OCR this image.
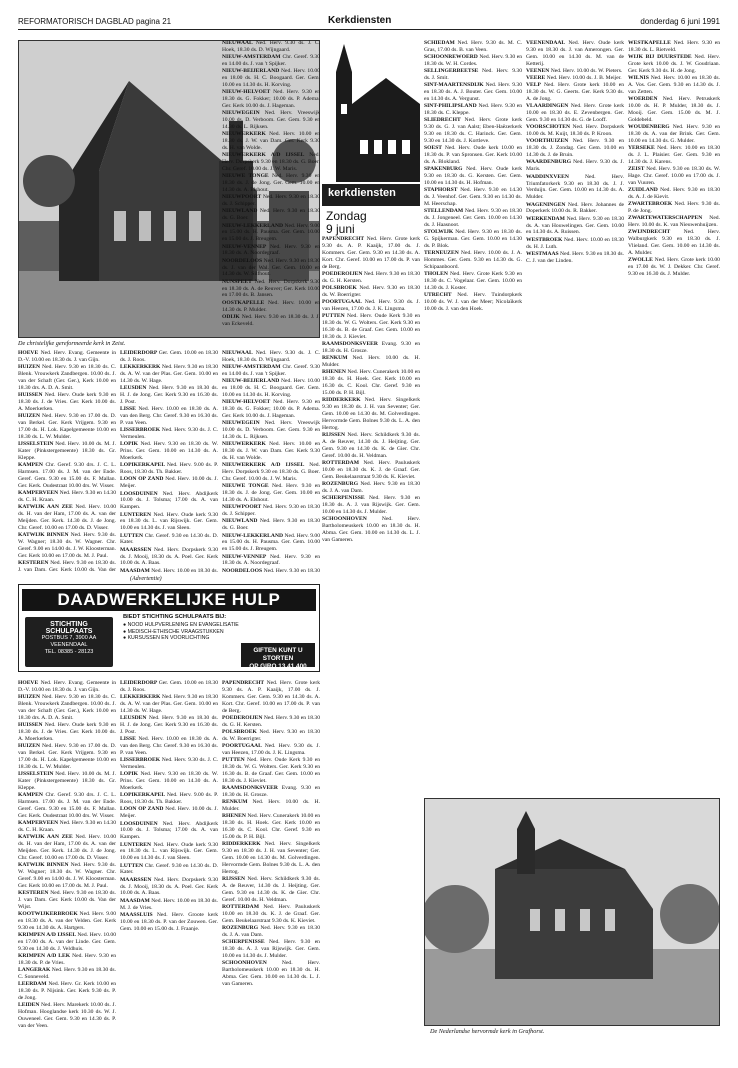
REFORMATORISCH DAGBLAD pagina 21	Kerkdiensten	donderdag 6 juni 1991
De christelijke gereformeerde kerk in Zeist.

HOEVE Ned. Herv. Evang. Gemeente in D.-V. 10.00 en 18.30 ds. J. van Gijn.

HUIZEN Ned. Herv. 9.30 en 18.30 ds. C. Blenk. Vrouwkerk Zandbergen. 10.00 ds. J. van der Schaft (Ger. Ger.), Kerk 10.00 en 18.30 drs. A. D. A. Smit.

HUISSEN Ned. Herv. Oude kerk 9.30 en 18.30 ds. J. de Vries. Ger. Kerk 10.00 ds. A. Moerkerken.

HUIZEN Ned. Herv. 9.30 en 17.00 ds. D. van Berkel. Ger. Kerk Vrijgem. 9.30 en 17.00 ds. H. Lok. Kapelgemeente 10.00 en 18.30 ds. L. W. Mulder.

IJSSELSTEIN Ned. Herv. 10.00 ds. M. J. Kater (Pinkstergemeente) 18.30 ds. Gr. Kleppe.

KAMPEN Chr. Geref. 9.30 drs. J. C. L. Harmsen. 17.00 ds. J. M. van der Ende. Geref. Gem. 9.30 en 15.00 ds. F. Mallan. Ger. Kerk. Oudestraat 10.00 drs. W. Visser.

KAMPERVEEN Ned. Herv. 9.30 en 14.30 ds. C. H. Kraan.

KATWIJK AAN ZEE Ned. Herv. 10.00 ds. H. van der Ham, 17.00 ds. A. van der Meijden. Ger. Kerk. 14.30 ds. J. de Jong. Chr. Geref. 10.00 en 17.00 ds. D. Visser.

KATWIJK BINNEN Ned. Herv. 9.30 ds. W. Wagner; 18.30 ds. W. Wagner. Chr. Geref. 9.00 en 14.00 ds. J. W. Kloosterman. Ger. Kerk 10.00 en 17.00 ds. M. J. Paul.

KESTEREN Ned. Herv. 9.30 en 18.30 ds. J. van Dam. Ger. Kerk 10.00 ds. Van der

LEIDERDORP Ger. Gem. 10.00 en 18.30 ds. J. Roos.

LEKKERKERK Ned. Herv. 9.30 en 18.30 ds. A. W. van der Plas. Ger. Gem. 10.00 en 14.30 ds. W. Hage.

LEUSDEN Ned. Herv. 9.30 en 18.30 ds. H. J. de Jong. Ger. Kerk 9.30 en 16.30 ds. J. Post.

LISSE Ned. Herv. 10.00 en 18.30 ds. A. van den Berg. Chr. Geref. 9.30 en 16.30 ds. P. van Veen.

LISSERBROEK Ned. Herv. 9.30 ds. J. C. Vermeulen.

LOPIK Ned. Herv. 9.30 en 18.30 ds. W. Prins. Ger. Gem. 10.00 en 14.30 ds. A. Moerkerk.

LOPIKERKAPEL Ned. Herv. 9.00 ds. P. Roos, 18.30 ds. Th. Bakker.

LOON OP ZAND Ned. Herv. 10.00 ds. J. Meijer.

LOOSDUINEN Ned. Herv. Abdijkerk 10.00 ds. J. Tolsma; 17.00 ds. A. van Kampen.

LUNTEREN Ned. Herv. Oude kerk 9.30 en 18.30 ds. L. van Rijswijk. Ger. Gem. 10.00 en 14.30 ds. J. van Sleen.

LUTTEN Chr. Geref. 9.30 en 14.30 ds. D. Kater.

MAARSSEN Ned. Herv. Dorpskerk 9.30 ds. J. Mooij, 18.30 ds. A. Poel. Ger. Kerk 10.00 ds. A. Baas.

MAASDAM Ned. Herv. 10.00 en 18.30 ds.

NIEUWAAL Ned. Herv. 9.30 ds. J. C. Hoek, 18.30 ds. D. Wijngaard.

NIEUW-AMSTERDAM Chr. Geref. 9.30 en 14.00 ds. J. van 't Spijker.

NIEUW-BEIJERLAND Ned. Herv. 10.00 en 18.00 ds. H. C. Boogaard. Ger. Gem. 10.00 en 14.30 ds. H. Korving.

NIEUW-HELVOET Ned. Herv. 9.30 en 18.30 ds. G. Fokker; 10.00 ds. P. Adema. Ger. Kerk 10.00 ds. J. Hageman.

NIEUWEGEIN Ned. Herv. Vreeswijk 10.00 ds. D. Verboom. Ger. Gem. 9.30 en 14.30 ds. L. Rijksen.

NIEUWERKERK Ned. Herv. 10.00 en 18.30 ds. J. W. van Dam. Ger. Kerk 9.30 ds. H. van Wolde.

NIEUWERKERK A/D IJSSEL Ned. Herv. Dorpskerk 9.30 en 18.30 ds. G. Boer. Chr. Geref. 10.00 ds. J. W. Maris.

NIEUWE TONGE Ned. Herv. 9.30 en 18.30 ds. J. de Jong. Ger. Gem. 10.00 en 14.30 ds. A. Elshout.

NIEUWPOORT Ned. Herv. 9.30 en 18.30 ds. J. Schipper.

NIEUWLAND Ned. Herv. 9.30 en 18.30 ds. G. Boer.

NIEUW-LEKKERLAND Ned. Herv. 9.00 en 15.00 ds. H. Pausma. Ger. Gem. 10.00 en 15.00 ds. J. Breugem.

NIEUW-VENNEP Ned. Herv. 9.30 en 18.30 ds. A. Noordegraaf.

NOORDELOOS Ned. Herv. 9.30 en 18.30

kerkdiensten
Zondag
9 juni

NIEUWAAL Ned. Herv. 9.30 ds. J. C. Hoek, 18.30 ds. D. Wijngaard.

NIEUW-AMSTERDAM Chr. Geref. 9.30 en 14.00 ds. J. van 't Spijker.

NIEUW-BEIJERLAND Ned. Herv. 10.00 en 18.00 ds. H. C. Boogaard. Ger. Gem. 10.00 en 14.30 ds. H. Korving.

NIEUW-HELVOET Ned. Herv. 9.30 en 18.30 ds. G. Fokker; 10.00 ds. P. Adema. Ger. Kerk 10.00 ds. J. Hageman.

NIEUWEGEIN Ned. Herv. Vreeswijk 10.00 ds. D. Verboom. Ger. Gem. 9.30 en 14.30 ds. L. Rijksen.

NIEUWERKERK Ned. Herv. 10.00 en 18.30 ds. J. W. van Dam. Ger. Kerk 9.30 ds. H. van Wolde.

NIEUWERKERK A/D IJSSEL Ned. Herv. Dorpskerk 9.30 en 18.30 ds. G. Boer. Chr. Geref. 10.00 ds. J. W. Maris.

NIEUWE TONGE Ned. Herv. 9.30 en 18.30 ds. J. de Jong. Ger. Gem. 10.00 en 14.30 ds. A. Elshout.

NIEUWPOORT Ned. Herv. 9.30 en 18.30 ds. J. Schipper.

NIEUWLAND Ned. Herv. 9.30 en 18.30 ds. G. Boer.

NIEUW-LEKKERLAND Ned. Herv. 9.00 en 15.00 ds. H. Pausma. Ger. Gem. 10.00 en 15.00 ds. J. Breugem.

NIEUW-VENNEP Ned. Herv. 9.30 en 18.30 ds. A. Noordegraaf.

NOORDELOOS Ned. Herv. 9.30 en 18.30 ds. J. van der Wal. Ger. Gem. 10.00 en 14.30 ds. W. Silfhout.

NUNSPEET Ned. Herv. Dorpskerk 9.30 en 18.30 ds. A. de Reuver; Ger. Kerk 10.00 en 17.00 ds. B. Jansen.

OOSTKAPELLE Ned. Herv. 10.00 en 14.30 ds. P. Mulder.

ODIJK Ned. Herv. 9.30 en 18.30 ds. J. J. van Eckeveld.

PAPENDRECHT Ned. Herv. Grote kerk 9.30 ds. A. P. Kaaijk, 17.00 ds. J. Kommers. Ger. Gem. 9.30 en 14.30 ds. A. Kort. Chr. Geref. 10.00 en 17.00 ds. P. van de Berg.

POEDEROIJEN Ned. Herv. 9.30 en 18.30 ds. G. H. Kersten.

POLSBROEK Ned. Herv. 9.30 en 18.30 ds. W. Boerrigter.

POORTUGAAL Ned. Herv. 9.30 ds. J. van Heezen, 17.00 ds. J. K. Lingsma.

PUTTEN Ned. Herv. Oude Kerk 9.30 en 18.30 ds. W. G. Wolters. Ger. Kerk 9.30 en 16.30 ds. B. de Graaf. Ger. Gem. 10.00 en 18.30 ds. J. Kieviet.

RAAMSDONKSVEER Evang. 9.30 en 18.30 ds. H. Grosze.

RENKUM Ned. Herv. 10.00 ds. H. Mulder.

RHENEN Ned. Herv. Cunerakerk 10.00 en 18.30 ds. H. Hoek. Ger. Kerk 10.00 en 16.30 ds. C. Kool. Chr. Geref. 9.30 en 15.00 ds. P. H. Bijl.

RIDDERKERK Ned. Herv. Singelkerk 9.30 en 18.30 ds. J. H. van Seventer; Ger. Gem. 10.00 en 14.30 ds. M. Golverdingen. Hervormde Gem. Bolnes 9.30 ds. L. A. den Hertog.

RIJSSEN Ned. Herv. Schildkerk 9.30 ds. A. de Reuver, 14.30 ds. J. Heijting. Ger. Gem. 9.30 en 14.30 ds. K. de Gier. Chr. Geref. 10.00 ds. H. Veldman.

ROTTERDAM Ned. Herv. Pauluskerk 10.00 en 18.30 ds. K. J. de Graaf. Ger. Gem. Beukelaarstraat 9.30 ds. K. Kieviet.

ROZENBURG Ned. Herv. 9.30 en 18.30 ds. J. A. van Dam.

SCHERPENISSE Ned. Herv. 9.30 en 18.30 ds. A. J. van Rijswijk. Ger. Gem. 10.00 en 14.30 ds. J. Mulder.

SCHOONHOVEN Ned. Herv. Bartholomeuskerk 10.00 en 18.30 ds. H. Abma. Ger. Gem. 10.00 en 14.30 ds. L. J. van Gameren.

SCHIEDAM Ned. Herv. 9.30 ds. M. C. Gras, 17.00 ds. B. van Veen.

SCHOONREWOERD Ned. Herv. 9.30 en 18.30 ds. W. H. Cordes.

SELLINGERBEETSE Ned. Herv. 9.30 ds. J. Smit.

SINT-MAARTENSDIJK Ned. Herv. 9.30 en 18.30 ds. A. J. Bouter. Ger. Gem. 10.00 en 14.30 ds. A. Vergunst.

SINT-PHILIPSLAND Ned. Herv. 9.30 en 18.30 ds. C. Kleppe.

SLIEDRECHT Ned. Herv. Grote kerk 9.30 ds. G. J. van Aalst; Eben-Haëzerkerk 9.30 en 18.30 ds. C. Harinck. Ger. Gem. 9.30 en 14.30 ds. J. Kortleve.

SOEST Ned. Herv. Oude kerk 10.00 en 18.30 ds. P. van Spronsen. Ger. Kerk 10.00 ds. A. Blokland.

SPAKENBURG Ned. Herv. Oude kerk 9.30 en 18.30 ds. G. Kersten. Ger. Gem. 10.00 en 14.30 ds. H. Hofman.

STAPHORST Ned. Herv. 9.30 en 14.30 ds. J. Veenhof. Ger. Gem. 9.30 en 14.30 ds. M. Heerschap.

STELLENDAM Ned. Herv. 9.30 en 18.30 ds. J. Jongeneel. Ger. Gem. 10.00 en 14.30 ds. J. Haasnoot.

STOLWIJK Ned. Herv. 9.30 en 18.30 ds. G. Spijkerman. Ger. Gem. 10.00 en 14.30 ds. P. Blok.

TERNEUZEN Ned. Herv. 10.00 ds. J. A. Hommes. Ger. Gem. 9.30 en 14.30 ds. G. Schipaanboord.

THOLEN Ned. Herv. Grote Kerk 9.30 en 18.30 ds. C. Vogelaar. Ger. Gem. 10.00 en 14.30 ds. J. Koster.

UTRECHT Ned. Herv. Tuindorpkerk 10.00 ds. W. J. van der Meer; Nicolaïkerk 10.00 ds. J. van den Hoek.

VEENENDAAL Ned. Herv. Oude kerk 9.30 en 18.30 ds. J. van Amerongen. Ger. Gem. 10.00 en 14.30 ds. M. van de Ketterij.

VEENEN Ned. Herv. 10.00 ds. W. Pieters.

VEERE Ned. Herv. 10.00 ds. J. B. Meijer.

VELP Ned. Herv. Grote kerk 10.00 en 18.30 ds. W. G. Geerts. Ger. Kerk 9.30 ds. A. de Jong.

VLAARDINGEN Ned. Herv. Grote kerk 10.00 en 18.30 ds. E. Zevenbergen. Ger. Gem. 9.30 en 14.30 ds. G. de Looff.

VOORSCHOTEN Ned. Herv. Dorpskerk 10.00 ds. M. Kuijt, 18.30 ds. P. Kroon.

VOORTHUIZEN Ned. Herv. 9.30 en 18.30 ds. J. Zondag. Ger. Gem. 10.00 en 14.30 ds. J. de Bruin.

WAARDENBURG Ned. Herv. 9.30 ds. J. Maris.

WADDINXVEEN Ned. Herv. Triumfatorkerk 9.30 en 18.30 ds. J. J. Verduijn. Ger. Gem. 10.00 en 14.30 ds. A. Mulder.

WAGENINGEN Ned. Herv. Johannes de Doperkerk 10.00 ds. R. Bakker.

WERKENDAM Ned. Herv. 9.30 en 18.30 ds. A. van Houwelingen. Ger. Gem. 10.00 en 14.30 ds. A. Ruissen.

WESTBROEK Ned. Herv. 10.00 en 18.30 ds. H. J. Luth.

WESTMAAS Ned. Herv. 9.30 en 18.30 ds. C. J. van der Linden.

WESTKAPELLE Ned. Herv. 9.30 en 18.30 ds. L. Rietveld.

WIJK BIJ DUURSTEDE Ned. Herv. Grote kerk 10.00 ds. J. W. Goudriaan. Ger. Kerk 9.30 ds. H. de Jong.

WILNIS Ned. Herv. 10.00 en 18.30 ds. A. Vos. Ger. Gem. 9.30 en 14.30 ds. J. van Zetten.

WOERDEN Ned. Herv. Petruskerk 10.00 ds. H. P. Mulder, 18.30 ds. J. Mooij. Ger. Gem. 15.00 ds. M. J. Goldebeld.

WOUDENBERG Ned. Herv. 9.30 en 18.30 ds. A. van der Brink. Ger. Gem. 10.00 en 14.30 ds. G. Mulder.

YERSEKE Ned. Herv. 10.00 en 18.30 ds. J. L. Plaisier. Ger. Gem. 9.30 en 14.30 ds. J. Karens.

ZEIST Ned. Herv. 9.30 en 18.30 ds. W. Hage. Chr. Geref. 10.00 en 17.00 ds. J. van Vuuren.

ZUIDLAND Ned. Herv. 9.30 en 18.30 ds. A. J. de Kievit.

ZWARTEBROEK Ned. Herv. 9.30 ds. P. de Jong.

ZWARTEWATERSCHAPPEN Ned. Herv. 10.00 ds. K. van Nieuwenhuijzen.

ZWIJNDRECHT Ned. Herv. Walburgkerk 9.30 en 18.30 ds. J. Vlieland. Ger. Gem. 10.00 en 14.30 ds. A. Mulder.

ZWOLLE Ned. Herv. Grote kerk 10.00 en 17.00 ds. W. J. Dekker. Chr. Geref. 9.30 en 16.30 ds. J. Mulder.

(Advertentie)
DAADWERKELIJKE HULP
STICHTING SCHULPAATS
POSTBUS 7, 3900 AA VEENENDAAL
TEL. 08385 - 28123
BIEDT STICHTING SCHULPAATS BIJ:
● NOOD HULPVERLENING EN EVANGELISATIE
● MEDISCH-ETHISCHE VRAAGSTUKKEN
● KURSUSSEN EN VOORLICHTING
GIFTEN KUNT U STORTEN
OP GIRO 13.41.400

HOEVE Ned. Herv. Evang. Gemeente in D.-V. 10.00 en 18.30 ds. J. van Gijn.

HUIZEN Ned. Herv. 9.30 en 18.30 ds. C. Blenk. Vrouwkerk Zandbergen. 10.00 ds. J. van der Schaft (Ger. Ger.), Kerk 10.00 en 18.30 drs. A. D. A. Smit.

HUISSEN Ned. Herv. Oude kerk 9.30 en 18.30 ds. J. de Vries. Ger. Kerk 10.00 ds. A. Moerkerken.

HUIZEN Ned. Herv. 9.30 en 17.00 ds. D. van Berkel. Ger. Kerk Vrijgem. 9.30 en 17.00 ds. H. Lok. Kapelgemeente 10.00 en 18.30 ds. L. W. Mulder.

IJSSELSTEIN Ned. Herv. 10.00 ds. M. J. Kater (Pinkstergemeente) 18.30 ds. Gr. Kleppe.

KAMPEN Chr. Geref. 9.30 drs. J. C. L. Harmsen. 17.00 ds. J. M. van der Ende. Geref. Gem. 9.30 en 15.00 ds. F. Mallan. Ger. Kerk. Oudestraat 10.00 drs. W. Visser.

KAMPERVEEN Ned. Herv. 9.30 en 14.30 ds. C. H. Kraan.

KATWIJK AAN ZEE Ned. Herv. 10.00 ds. H. van der Ham, 17.00 ds. A. van der Meijden. Ger. Kerk. 14.30 ds. J. de Jong. Chr. Geref. 10.00 en 17.00 ds. D. Visser.

KATWIJK BINNEN Ned. Herv. 9.30 ds. W. Wagner; 18.30 ds. W. Wagner. Chr. Geref. 9.00 en 14.00 ds. J. W. Kloosterman. Ger. Kerk 10.00 en 17.00 ds. M. J. Paul.

KESTEREN Ned. Herv. 9.30 en 18.30 ds. J. van Dam. Ger. Kerk 10.00 ds. Van der Wijst.

KOOTWIJKERBROEK Ned. Herv. 9.00 en 18.30 ds. A. van der Velden. Ger. Kerk 9.30 en 14.30 ds. A. Hartgers.

KRIMPEN A/D IJSSEL Ned. Herv. 10.00 en 17.00 ds. A. van der Linde. Ger. Gem. 9.30 en 14.30 ds. J. Veldhuis.

KRIMPEN A/D LEK Ned. Herv. 9.30 en 18.30 ds. P. de Vries.

LANGERAK Ned. Herv. 9.30 en 18.30 ds. C. Sonneveld.

LEERDAM Ned. Herv. Gr. Kerk 10.00 en 18.30 ds. P. Nijsink. Ger. Kerk 9.30 ds. P. de Jong.

LEIDEN Ned. Herv. Marekerk 10.00 ds. J. Hofman. Hooglandse kerk 10.30 ds. W. J. Ouweneel. Ger. Gem. 9.30 en 14.30 ds. P. van der Veen.

LEIDERDORP Ger. Gem. 10.00 en 18.30 ds. J. Roos.

LEKKERKERK Ned. Herv. 9.30 en 18.30 ds. A. W. van der Plas. Ger. Gem. 10.00 en 14.30 ds. W. Hage.

LEUSDEN Ned. Herv. 9.30 en 18.30 ds. H. J. de Jong. Ger. Kerk 9.30 en 16.30 ds. J. Post.

LISSE Ned. Herv. 10.00 en 18.30 ds. A. van den Berg. Chr. Geref. 9.30 en 16.30 ds. P. van Veen.

LISSERBROEK Ned. Herv. 9.30 ds. J. C. Vermeulen.

LOPIK Ned. Herv. 9.30 en 18.30 ds. W. Prins. Ger. Gem. 10.00 en 14.30 ds. A. Moerkerk.

LOPIKERKAPEL Ned. Herv. 9.00 ds. P. Roos, 18.30 ds. Th. Bakker.

LOON OP ZAND Ned. Herv. 10.00 ds. J. Meijer.

LOOSDUINEN Ned. Herv. Abdijkerk 10.00 ds. J. Tolsma; 17.00 ds. A. van Kampen.

LUNTEREN Ned. Herv. Oude kerk 9.30 en 18.30 ds. L. van Rijswijk. Ger. Gem. 10.00 en 14.30 ds. J. van Sleen.

LUTTEN Chr. Geref. 9.30 en 14.30 ds. D. Kater.

MAARSSEN Ned. Herv. Dorpskerk 9.30 ds. J. Mooij, 18.30 ds. A. Poel. Ger. Kerk 10.00 ds. A. Baas.

MAASDAM Ned. Herv. 10.00 en 18.30 ds. M. J. de Vries.

MAASSLUIS Ned. Herv. Groote kerk 10.00 en 18.30 ds. P. van der Zouwen. Ger. Gem. 10.00 en 15.00 ds. J. Fraanje.

PAPENDRECHT Ned. Herv. Grote kerk 9.30 ds. A. P. Kaaijk, 17.00 ds. J. Kommers. Ger. Gem. 9.30 en 14.30 ds. A. Kort. Chr. Geref. 10.00 en 17.00 ds. P. van de Berg.

POEDEROIJEN Ned. Herv. 9.30 en 18.30 ds. G. H. Kersten.

POLSBROEK Ned. Herv. 9.30 en 18.30 ds. W. Boerrigter.

POORTUGAAL Ned. Herv. 9.30 ds. J. van Heezen, 17.00 ds. J. K. Lingsma.

PUTTEN Ned. Herv. Oude Kerk 9.30 en 18.30 ds. W. G. Wolters. Ger. Kerk 9.30 en 16.30 ds. B. de Graaf. Ger. Gem. 10.00 en 18.30 ds. J. Kieviet.

RAAMSDONKSVEER Evang. 9.30 en 18.30 ds. H. Grosze.

RENKUM Ned. Herv. 10.00 ds. H. Mulder.

RHENEN Ned. Herv. Cunerakerk 10.00 en 18.30 ds. H. Hoek. Ger. Kerk 10.00 en 16.30 ds. C. Kool. Chr. Geref. 9.30 en 15.00 ds. P. H. Bijl.

RIDDERKERK Ned. Herv. Singelkerk 9.30 en 18.30 ds. J. H. van Seventer; Ger. Gem. 10.00 en 14.30 ds. M. Golverdingen. Hervormde Gem. Bolnes 9.30 ds. L. A. den Hertog.

RIJSSEN Ned. Herv. Schildkerk 9.30 ds. A. de Reuver, 14.30 ds. J. Heijting. Ger. Gem. 9.30 en 14.30 ds. K. de Gier. Chr. Geref. 10.00 ds. H. Veldman.

ROTTERDAM Ned. Herv. Pauluskerk 10.00 en 18.30 ds. K. J. de Graaf. Ger. Gem. Beukelaarstraat 9.30 ds. K. Kieviet.

ROZENBURG Ned. Herv. 9.30 en 18.30 ds. J. A. van Dam.

SCHERPENISSE Ned. Herv. 9.30 en 18.30 ds. A. J. van Rijswijk. Ger. Gem. 10.00 en 14.30 ds. J. Mulder.

SCHOONHOVEN Ned. Herv. Bartholomeuskerk 10.00 en 18.30 ds. H. Abma. Ger. Gem. 10.00 en 14.30 ds. L. J. van Gameren.

De Nederlandse hervormde kerk in Grafhorst.
